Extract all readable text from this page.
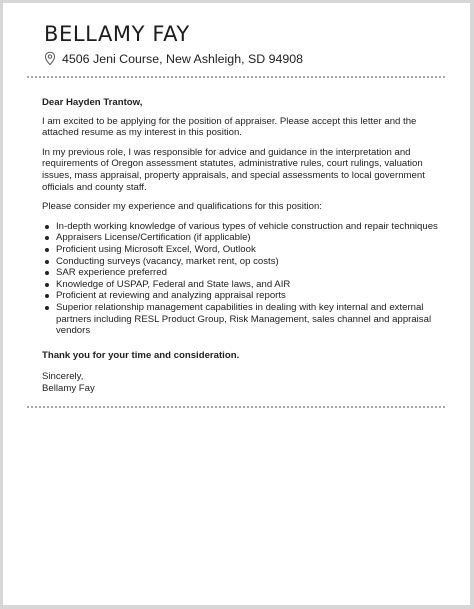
BELLAMY FAY
4506 Jeni Course, New Ashleigh, SD 94908

Dear Hayden Trantow,

I am excited to be applying for the position of appraiser. Please accept this letter and the attached resume as my interest in this position.

In my previous role, I was responsible for advice and guidance in the interpretation and requirements of Oregon assessment statutes, administrative rules, court rulings, valuation issues, mass appraisal, property appraisals, and special assessments to local government officials and county staff.

Please consider my experience and qualifications for this position:

In-depth working knowledge of various types of vehicle construction and repair techniques
Appraisers License/Certification (if applicable)
Proficient using Microsoft Excel, Word, Outlook
Conducting surveys (vacancy, market rent, op costs)
SAR experience preferred
Knowledge of USPAP, Federal and State laws, and AIR
Proficient at reviewing and analyzing appraisal reports
Superior relationship management capabilities in dealing with key internal and external partners including RESL Product Group, Risk Management, sales channel and appraisal vendors

Thank you for your time and consideration.

Sincerely,

Bellamy Fay
